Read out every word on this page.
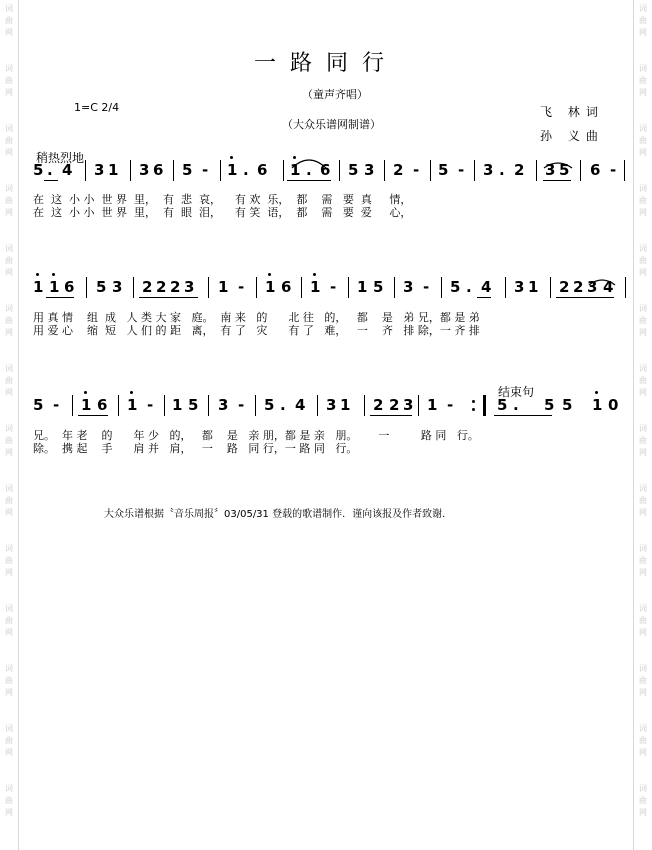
词
曲
网
词
曲
网
词
曲
网
词
曲
网
词
曲
网
词
曲
网
词
曲
网
词
曲
网
词
曲
网
词
曲
网
词
曲
网
词
曲
网
词
曲
网
词
曲
网
词
曲
网
词
曲
网
词
曲
网
词
曲
网
词
曲
网
词
曲
网
词
曲
网
词
曲
网
词
曲
网
词
曲
网
词
曲
网
词
曲
网
词
曲
网
词
曲
网
一路同行
（童声齐唱）
1=C 2/4
（大众乐谱网制谱）
飞 林词
孙 义曲
稍热烈地
结束句
5 . 4 3 1 3 6 5 - 1 . 6 1 . 6 5 3 2 - 5 - 3 . 2 3 5 6 -
1 1 6 5 3 2 2 2 3 1 - 1 6 1 - 1 5 3 - 5 . 4 3 1 2 2 3 4
5 - 1 6 1 - 1 5 3 - 5 . 4 3 1 2 2 3 1 -	5 . 5 5 1 0
在  这  小 小  世 界  里，  有  悲  哀，    有 欢  乐，  都    需   要  真     情，
在  这  小 小  世 界  里，  有  眼  泪，    有 笑  语，  都    需   要  爱     心，
用 真 情    组  成   人 类 大 家   庭。  南 来   的      北 往   的，   都    是   弟 兄，都 是 弟
用 爱 心    缩  短   人 们 的 距   离，  有 了   灾      有 了   难，   一    齐   排 除，一 齐 排
兄。  年 老    的      年 少   的，   都    是   亲 朋，都 是 亲   朋。      一         路 同   行。
除。  携 起    手      肩 并   肩，   一    路   同 行，一 路 同   行。
大众乐谱根据〝音乐周报〞03/05/31 登载的歌谱制作．谨向该报及作者致谢．
